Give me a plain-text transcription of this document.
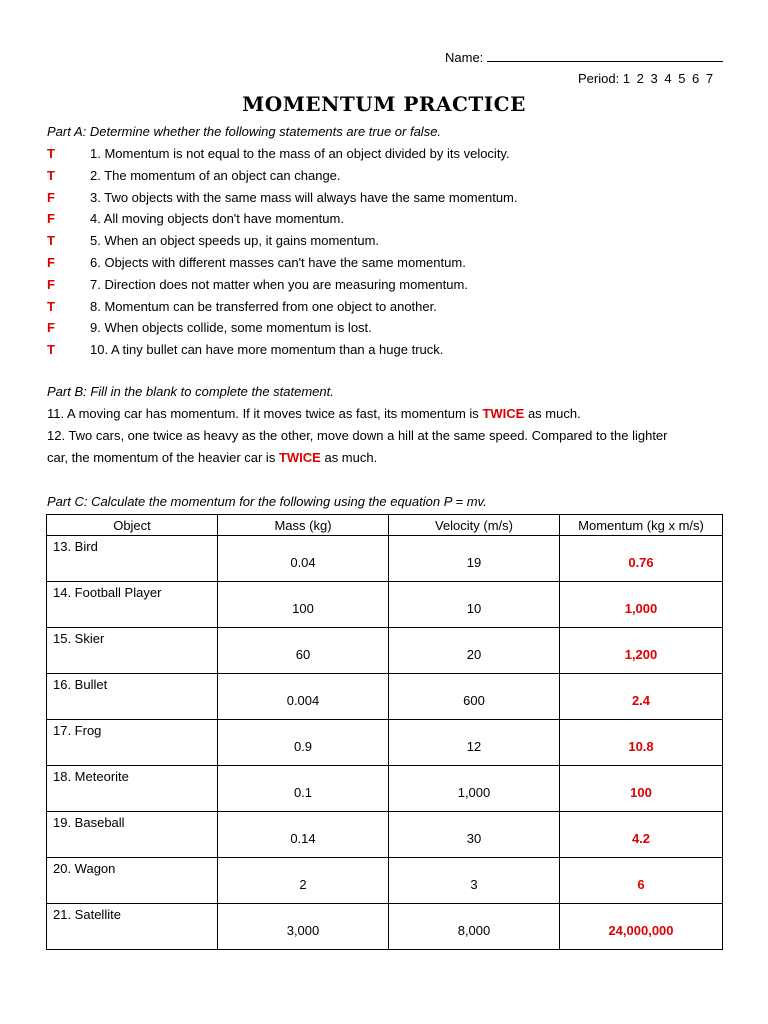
Name:
Period: 1 2 3 4 5 6 7
MOMENTUM PRACTICE
Part A: Determine whether the following statements are true or false.
T	1. Momentum is not equal to the mass of an object divided by its velocity.
T	2. The momentum of an object can change.
F	3. Two objects with the same mass will always have the same momentum.
F	4. All moving objects don't have momentum.
T	5. When an object speeds up, it gains momentum.
F	6. Objects with different masses can't have the same momentum.
F	7. Direction does not matter when you are measuring momentum.
T	8. Momentum can be transferred from one object to another.
F	9. When objects collide, some momentum is lost.
T	10. A tiny bullet can have more momentum than a huge truck.
Part B: Fill in the blank to complete the statement.
11. A moving car has momentum. If it moves twice as fast, its momentum is TWICE as much.
12. Two cars, one twice as heavy as the other, move down a hill at the same speed. Compared to the lighter
car, the momentum of the heavier car is TWICE as much.
Part C: Calculate the momentum for the following using the equation P = mv.
Object	Mass (kg)	Velocity (m/s)	Momentum (kg x m/s)
13. Bird	0.04	19	0.76
14. Football Player	100	10	1,000
15. Skier	60	20	1,200
16. Bullet	0.004	600	2.4
17. Frog	0.9	12	10.8
18. Meteorite	0.1	1,000	100
19. Baseball	0.14	30	4.2
20. Wagon	2	3	6
21. Satellite	3,000	8,000	24,000,000
